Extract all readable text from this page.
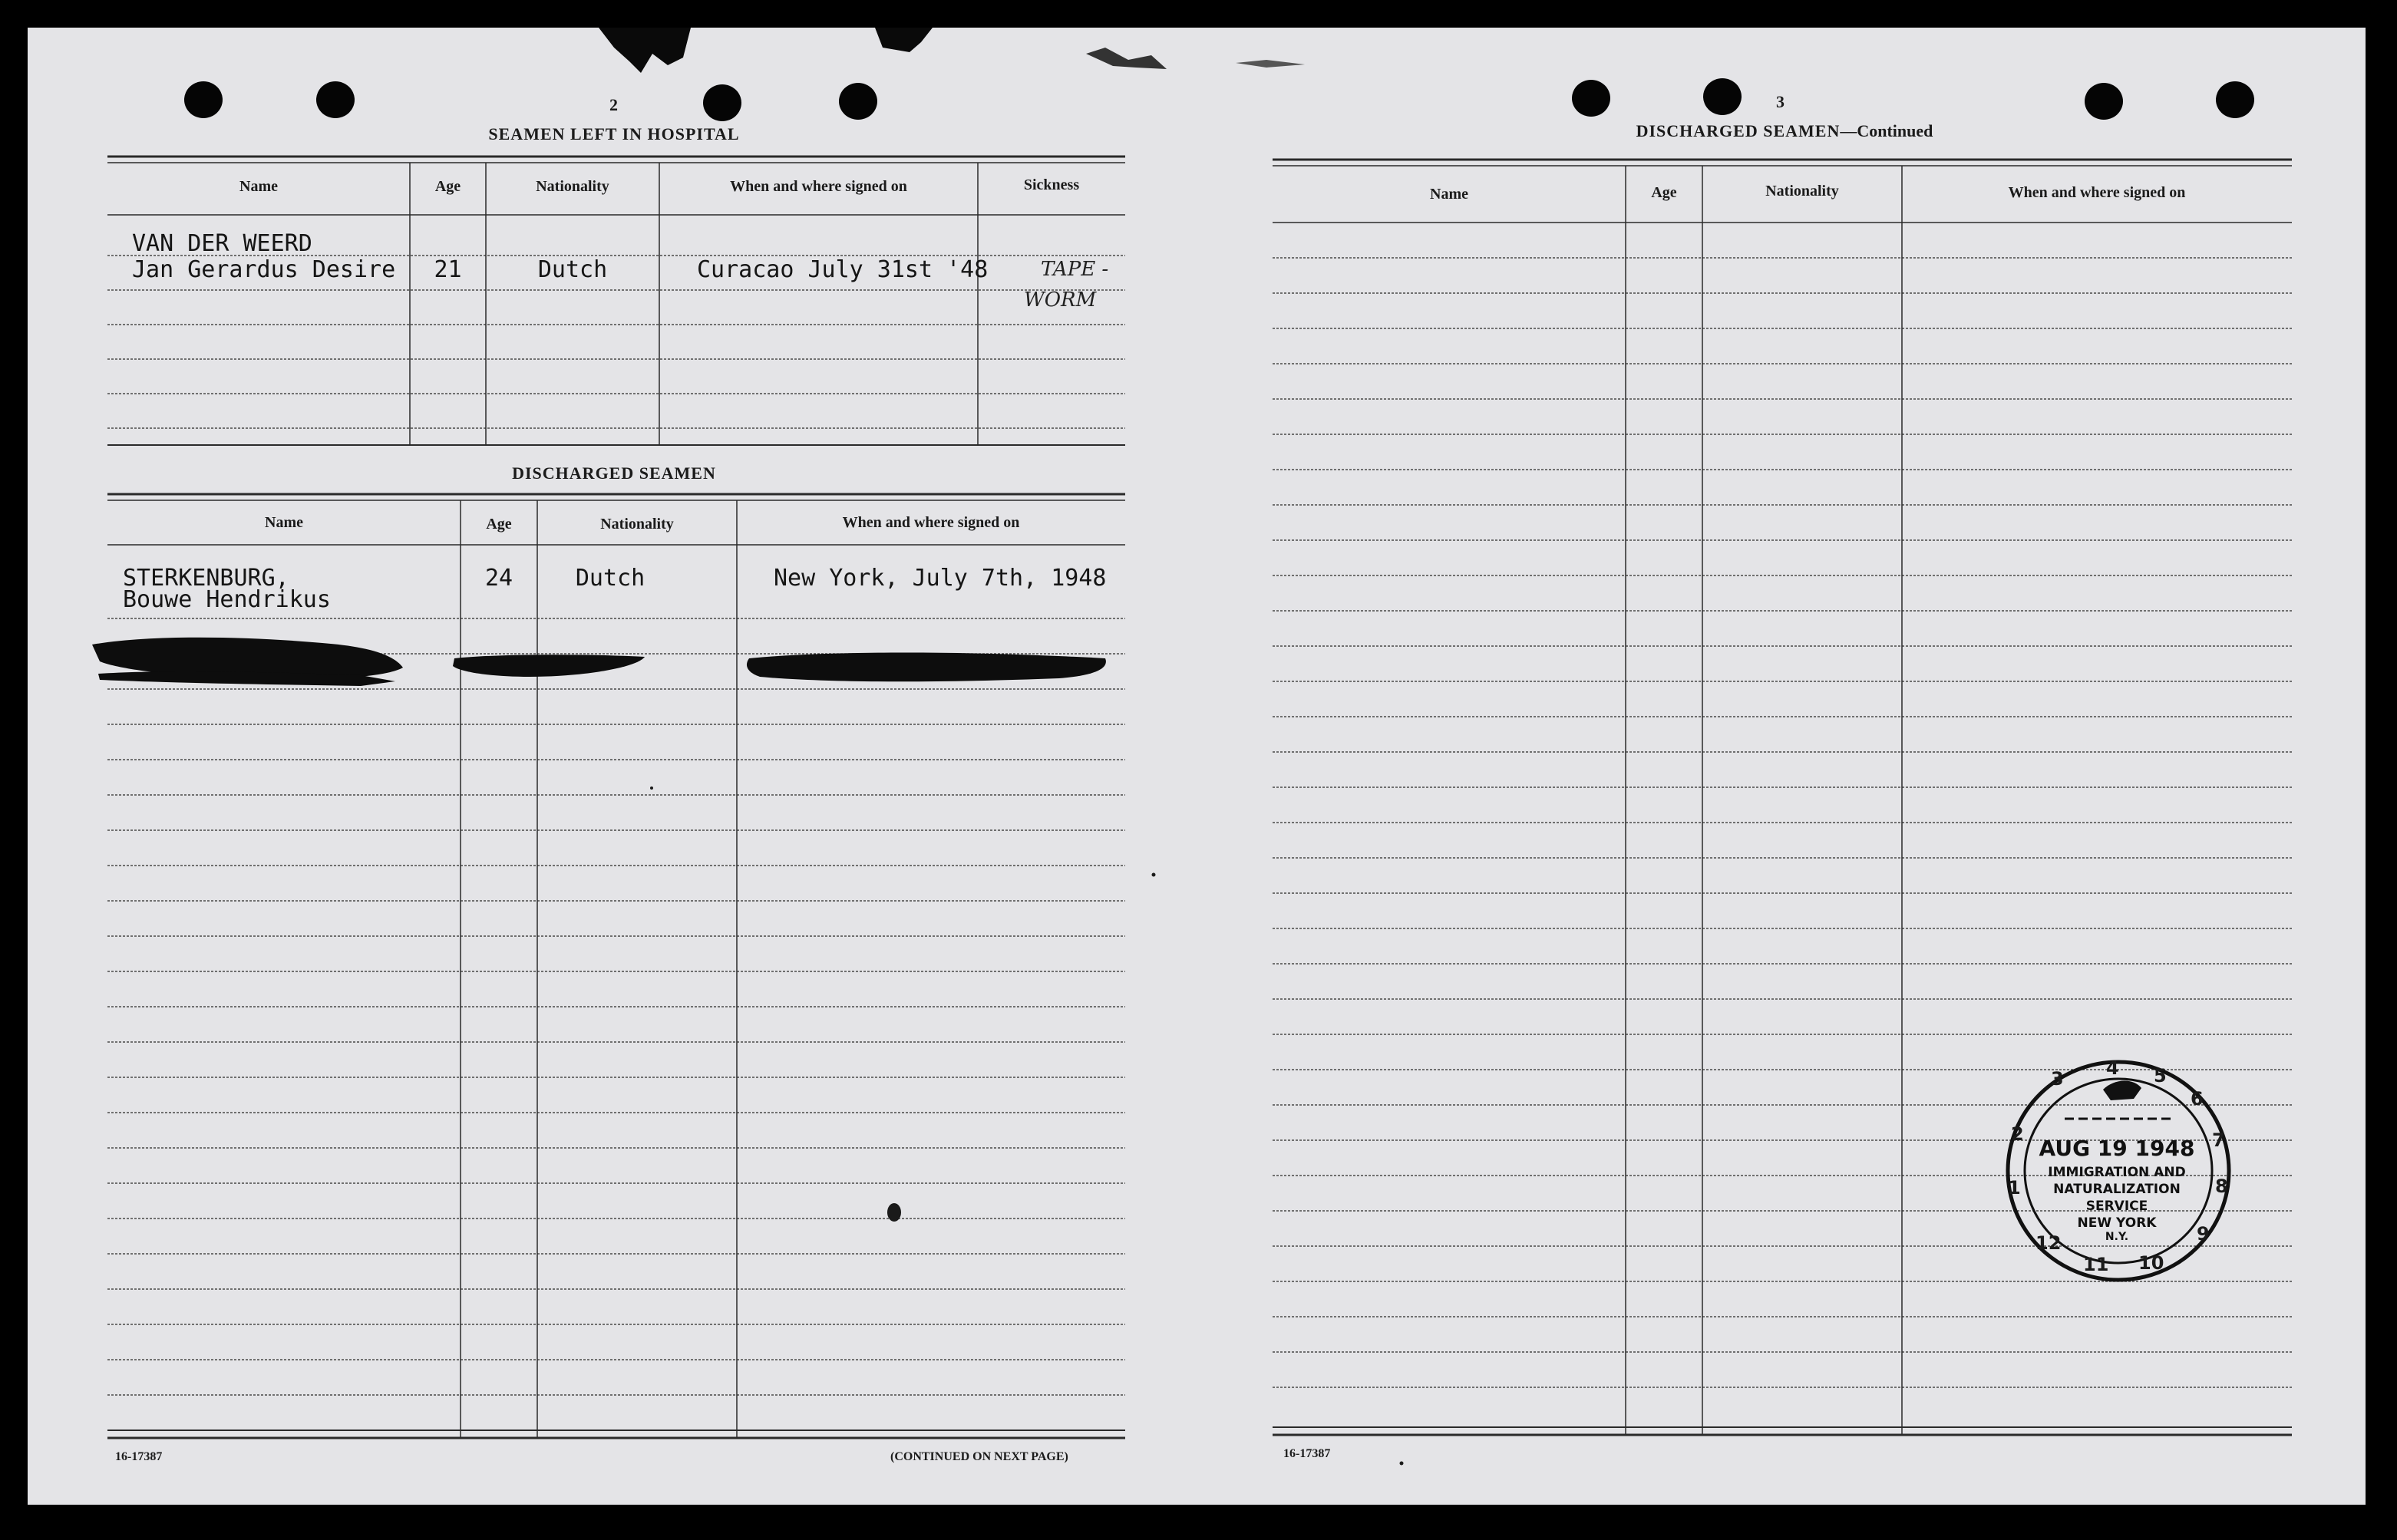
2
SEAMEN LEFT IN HOSPITAL
Name	Age	Nationality	When and where signed on	Sickness
VAN DER WEERD
Jan Gerardus Desire	21	Dutch	Curacao July 31st '48	TAPE -
WORM
DISCHARGED SEAMEN
Name	Age	Nationality	When and where signed on
STERKENBURG,
Bouwe Hendrikus
24	Dutch	New York, July 7th, 1948
16-17387	(CONTINUED ON NEXT PAGE)
3
DISCHARGED SEAMEN—Continued
Name	Age	Nationality	When and where signed on
16-17387
3 4 5
6
7
8
9
10
11
12
1
2
AUG 19 1948
IMMIGRATION AND
NATURALIZATION
SERVICE
NEW YORK
N.Y.
